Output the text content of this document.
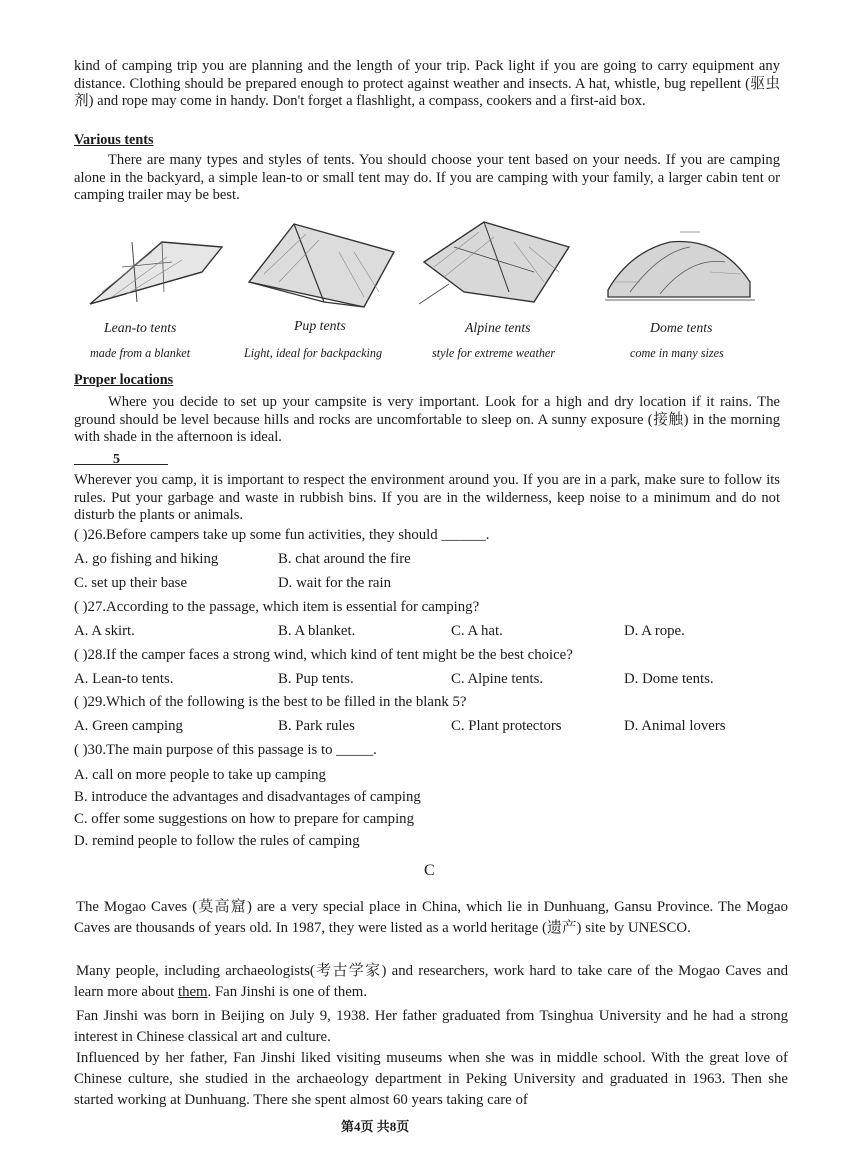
kind of camping trip you are planning and the length of your trip. Pack light if you are going to carry equipment any distance. Clothing should be prepared enough to protect against weather and insects. A hat, whistle, bug repellent (驱虫剂) and rope may come in handy. Don't forget a flashlight, a compass, cookers and a first-aid box.

Various tents

There are many types and styles of tents. You should choose your tent based on your needs. If you are camping alone in the backyard, a simple lean-to or small tent may do. If you are camping with your family, a larger cabin tent or camping trailer may be best.

Lean-to tents	Pup tents	Alpine tents	Dome tents
made from a blanket	Light, ideal for backpacking	style for extreme weather	come in many sizes

Proper locations

Where you decide to set up your campsite is very important. Look for a high and dry location if it rains. The ground should be level because hills and rocks are uncomfortable to sleep on. A sunny exposure (接触) in the morning with shade in the afternoon is ideal.

5

Wherever you camp, it is important to respect the environment around you. If you are in a park, make sure to follow its rules. Put your garbage and waste in rubbish bins. If you are in the wilderness, keep noise to a minimum and do not disturb the plants or animals.

( )26.Before campers take up some fun activities, they should ______.
A. go fishing and hiking	B. chat around the fire
C. set up their base	D. wait for the rain
( )27.According to the passage, which item is essential for camping?
A. A skirt.	B. A blanket.	C. A hat.	D. A rope.
( )28.If the camper faces a strong wind, which kind of tent might be the best choice?
A. Lean-to tents.	B. Pup tents.	C. Alpine tents.	D. Dome tents.
( )29.Which of the following is the best to be filled in the blank 5?
A. Green camping	B. Park rules	C. Plant protectors	D. Animal lovers
( )30.The main purpose of this passage is to _____.
A. call on more people to take up camping
B. introduce the advantages and disadvantages of camping
C. offer some suggestions on how to prepare for camping
D. remind people to follow the rules of camping
C

The Mogao Caves (莫高窟) are a very special place in China, which lie in Dunhuang, Gansu Province. The Mogao Caves are thousands of years old. In 1987, they were listed as a world heritage (遗产) site by UNESCO.

Many people, including archaeologists(考古学家) and researchers, work hard to take care of the Mogao Caves and learn more about them. Fan Jinshi is one of them.

Fan Jinshi was born in Beijing on July 9, 1938. Her father graduated from Tsinghua University and he had a strong interest in Chinese classical art and culture.

Influenced by her father, Fan Jinshi liked visiting museums when she was in middle school. With the great love of Chinese culture, she studied in the archaeology department in Peking University and graduated in 1963. Then she started working at Dunhuang. There she spent almost 60 years taking care of

第4页 共8页
